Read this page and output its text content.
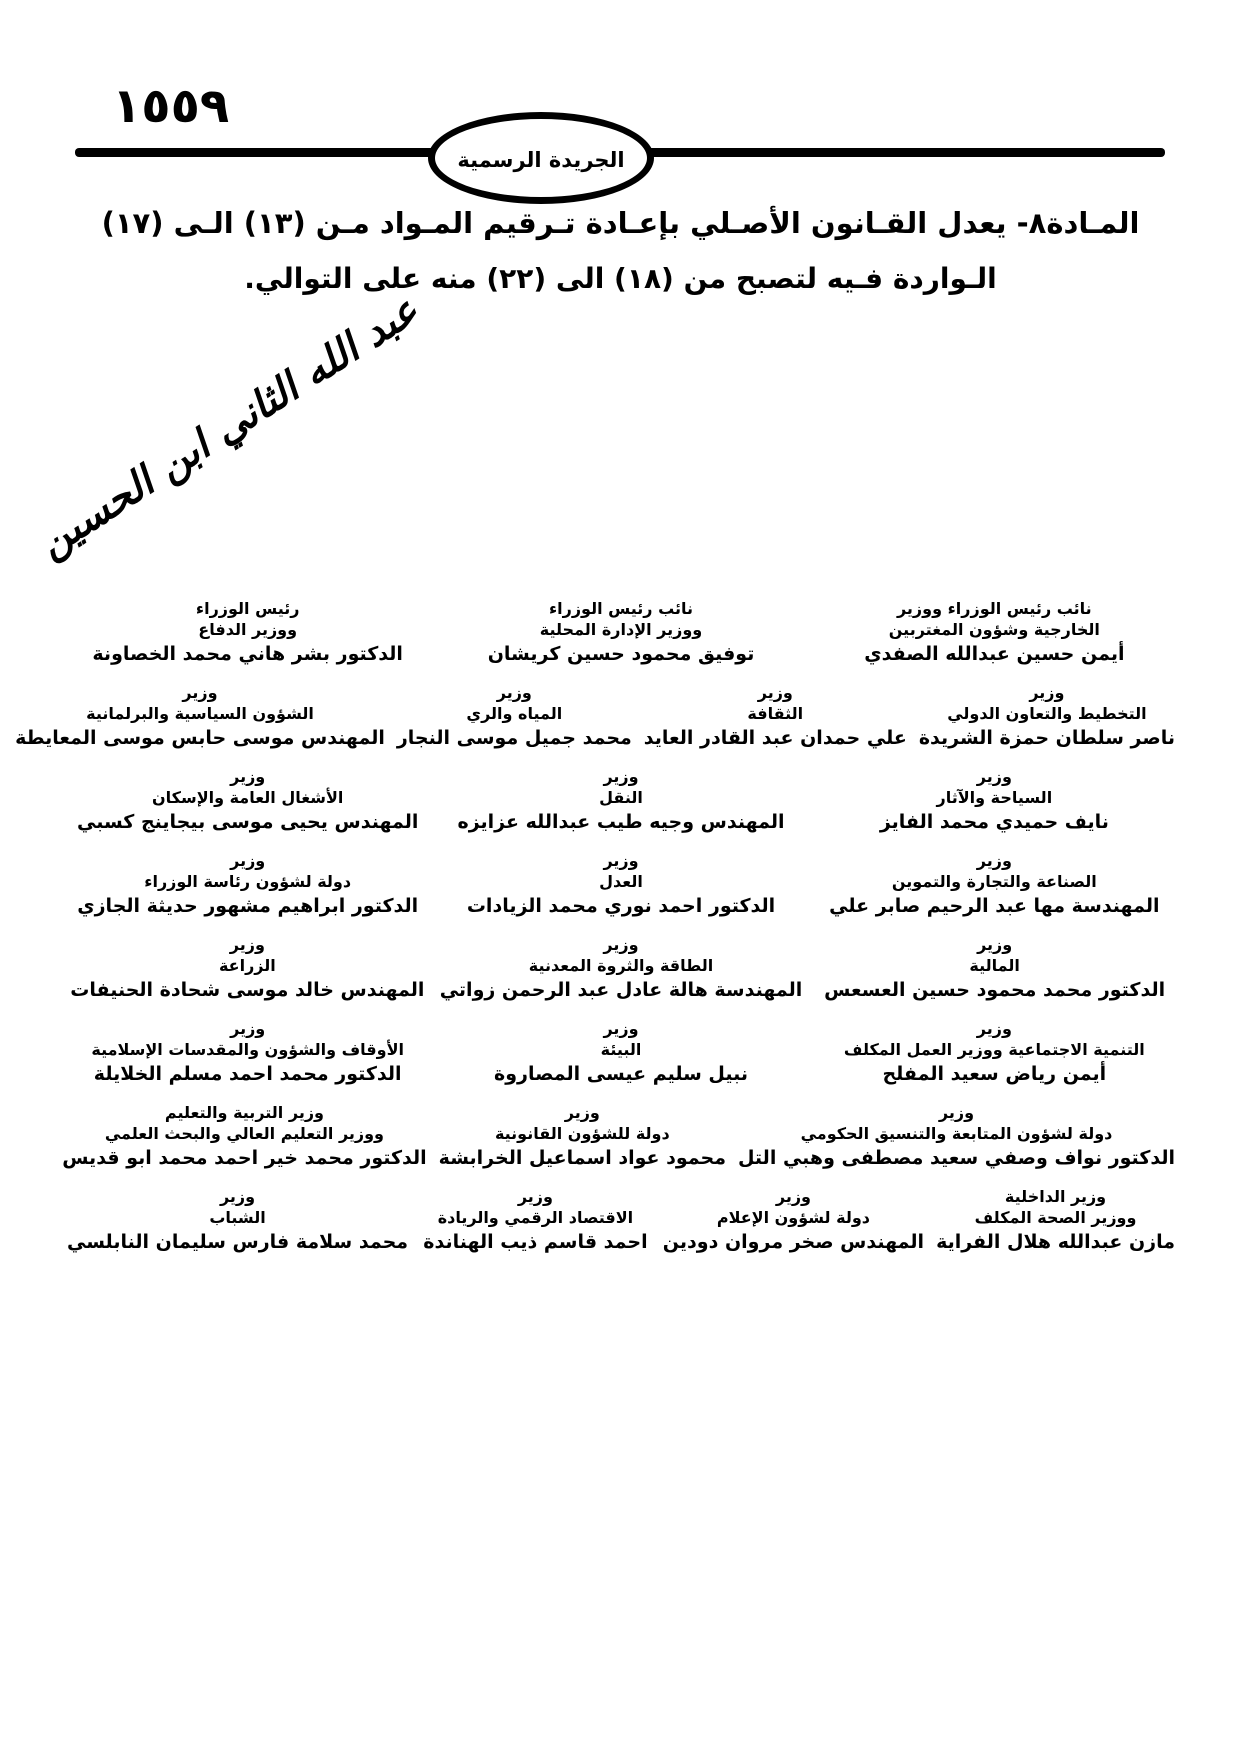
١٥٥٩
الجريدة الرسمية
المـادة٨- يعدل القـانون الأصـلي بإعـادة تـرقيم المـواد مـن (١٣) الـى (١٧)
الـواردة فـيه لتصبح من (١٨) الى (٢٢) منه على التوالي.
عبد الله الثاني ابن الحسين
نائب رئيس الوزراء ووزير
الخارجية وشؤون المغتربين
أيمن حسين عبدالله الصفدي
نائب رئيس الوزراء
ووزير الإدارة المحلية
توفيق محمود حسين كريشان
رئيس الوزراء
ووزير الدفاع
الدكتور بشر هاني محمد الخصاونة
وزير
التخطيط والتعاون الدولي
ناصر سلطان حمزة الشريدة
وزير
الثقافة
علي حمدان عبد القادر العايد
وزير
المياه والري
محمد جميل موسى النجار
وزير
الشؤون السياسية والبرلمانية
المهندس موسى حابس موسى المعايطة
وزير
السياحة والآثار
نايف حميدي محمد الفايز
وزير
النقل
المهندس وجيه طيب عبدالله عزايزه
وزير
الأشغال العامة والإسكان
المهندس يحيى موسى بيجاينج كسبي
وزير
الصناعة والتجارة والتموين
المهندسة مها عبد الرحيم صابر علي
وزير
العدل
الدكتور احمد نوري محمد الزيادات
وزير
دولة لشؤون رئاسة الوزراء
الدكتور ابراهيم مشهور حديثة الجازي
وزير
المالية
الدكتور محمد محمود حسين العسعس
وزير
الطاقة والثروة المعدنية
المهندسة هالة عادل عبد الرحمن زواتي
وزير
الزراعة
المهندس خالد موسى شحادة الحنيفات
وزير
التنمية الاجتماعية ووزير العمل المكلف
أيمن رياض سعيد المفلح
وزير
البيئة
نبيل سليم عيسى المصاروة
وزير
الأوقاف والشؤون والمقدسات الإسلامية
الدكتور محمد احمد مسلم الخلايلة
وزير
دولة لشؤون المتابعة والتنسيق الحكومي
الدكتور نواف وصفي سعيد مصطفى وهبي التل
وزير
دولة للشؤون القانونية
محمود عواد اسماعيل الخرابشة
وزير التربية والتعليم
ووزير التعليم العالي والبحث العلمي
الدكتور محمد خير احمد محمد ابو قديس
وزير الداخلية
ووزير الصحة المكلف
مازن عبدالله هلال الفراية
وزير
دولة لشؤون الإعلام
المهندس صخر مروان دودين
وزير
الاقتصاد الرقمي والريادة
احمد قاسم ذيب الهناندة
وزير
الشباب
محمد سلامة فارس سليمان النابلسي
